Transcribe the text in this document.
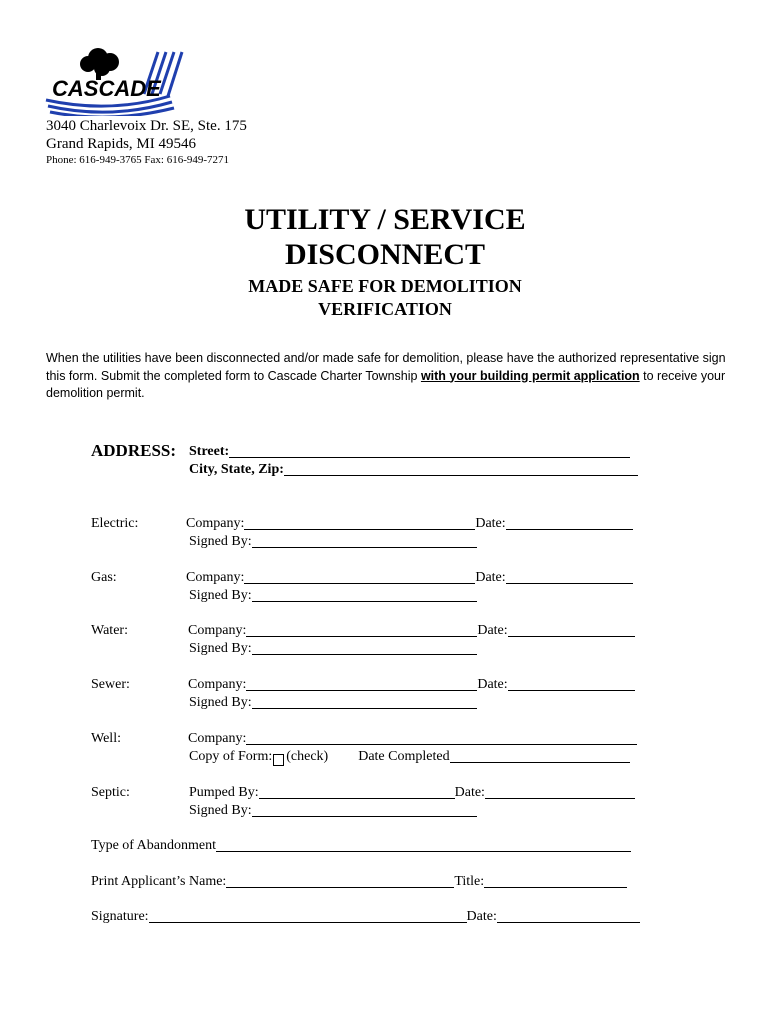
CASCADE
3040 Charlevoix Dr. SE, Ste. 175
Grand Rapids, MI 49546
Phone: 616-949-3765 Fax: 616-949-7271
UTILITY / SERVICE
DISCONNECT
MADE SAFE FOR DEMOLITION
VERIFICATION
When the utilities have been disconnected and/or made safe for demolition, please have the authorized representative sign this form. Submit the completed form to Cascade Charter Township with your building permit application to receive your demolition permit.
ADDRESS: Street:
City, State, Zip:
Electric:	Company:	Date:
Signed By:
Gas:	Company:	Date:
Signed By:
Water:	Company:	Date:
Signed By:
Sewer:	Company:	Date:
Signed By:
Well:	Company:
Copy of Form: (check) Date Completed
Septic:	Pumped By:	Date:
Signed By:
Type of Abandonment
Print Applicant’s Name:	Title:
Signature:	Date:
